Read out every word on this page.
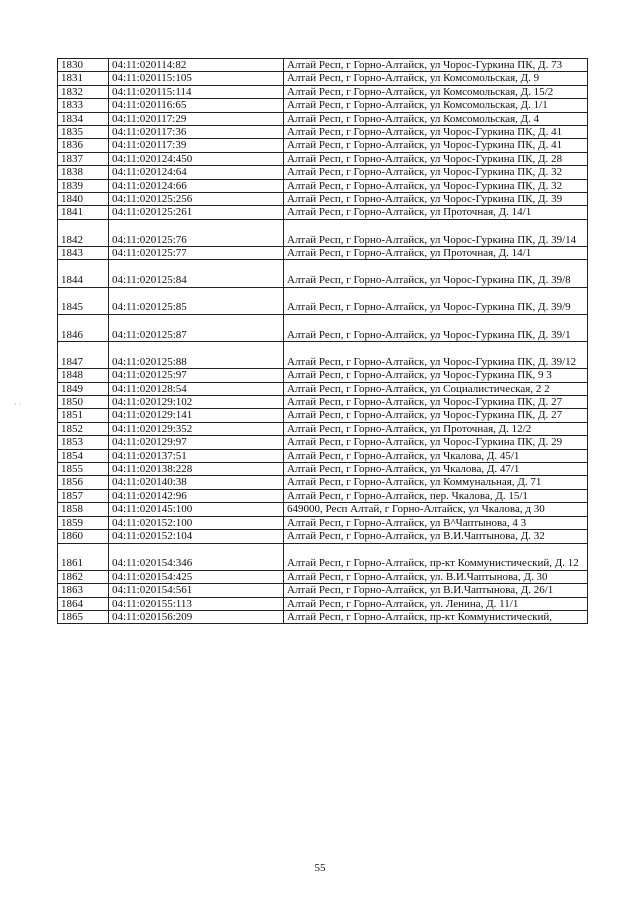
· ·
1830	04:11:020114:82	Алтай Респ, г Горно-Алтайск, ул Чорос-Гуркина ПК, Д. 73
1831	04:11:020115:105	Алтай Респ, г Горно-Алтайск, ул Комсомольская, Д. 9
1832	04:11:020115:114	Алтай Респ, г Горно-Алтайск, ул Комсомольская, Д. 15/2
1833	04:11:020116:65	Алтай Респ, г Горно-Алтайск, ул Комсомольская, Д. 1/1
1834	04:11:020117:29	Алтай Респ, г Горно-Алтайск, ул Комсомольская, Д. 4
1835	04:11:020117:36	Алтай Респ, г Горно-Алтайск, ул Чорос-Гуркина ПК, Д. 41
1836	04:11:020117:39	Алтай Респ, г Горно-Алтайск, ул Чорос-Гуркина ПК, Д. 41
1837	04:11:020124:450	Алтай Респ, г Горно-Алтайск, ул Чорос-Гуркина ПК, Д. 28
1838	04:11:020124:64	Алтай Респ, г Горно-Алтайск, ул Чорос-Гуркина ПК, Д. 32
1839	04:11:020124:66	Алтай Респ, г Горно-Алтайск, ул Чорос-Гуркина ПК, Д. 32
1840	04:11:020125:256	Алтай Респ, г Горно-Алтайск, ул Чорос-Гуркина ПК, Д. 39
1841	04:11:020125:261	Алтай Респ, г Горно-Алтайск, ул Проточная, Д. 14/1
1842	04:11:020125:76	Алтай Респ, г Горно-Алтайск, ул Чорос-Гуркина ПК, Д. 39/14
1843	04:11:020125:77	Алтай Респ, г Горно-Алтайск, ул Проточная, Д. 14/1
1844	04:11:020125:84	Алтай Респ, г Горно-Алтайск, ул Чорос-Гуркина ПК, Д. 39/8
1845	04:11:020125:85	Алтай Респ, г Горно-Алтайск, ул Чорос-Гуркина ПК, Д. 39/9
1846	04:11:020125:87	Алтай Респ, г Горно-Алтайск, ул Чорос-Гуркина ПК, Д. 39/1
1847	04:11:020125:88	Алтай Респ, г Горно-Алтайск, ул Чорос-Гуркина ПК, Д. 39/12
1848	04:11:020125:97	Алтай Респ, г Горно-Алтайск, ул Чорос-Гуркина ПК, 9 3
1849	04:11:020128:54	Алтай Респ, г Горно-Алтайск, ул Социалистическая, 2 2
1850	04:11:020129:102	Алтай Респ, г Горно-Алтайск, ул Чорос-Гуркина ПК, Д. 27
1851	04:11:020129:141	Алтай Респ, г Горно-Алтайск, ул Чорос-Гуркина ПК, Д. 27
1852	04:11:020129:352	Алтай Респ, г Горно-Алтайск, ул Проточная, Д. 12/2
1853	04:11:020129:97	Алтай Респ, г Горно-Алтайск, ул Чорос-Гуркина ПК, Д. 29
1854	04:11:020137:51	Алтай Респ, г Горно-Алтайск, ул Чкалова, Д. 45/1
1855	04:11:020138:228	Алтай Респ, г Горно-Алтайск, ул Чкалова, Д. 47/1
1856	04:11:020140:38	Алтай Респ, г Горно-Алтайск, ул Коммунальная, Д. 71
1857	04:11:020142:96	Алтай Респ, г Горно-Алтайск, пер. Чкалова, Д. 15/1
1858	04:11:020145:100	649000, Респ Алтай, г Горно-Алтайск, ул Чкалова, д 30
1859	04:11:020152:100	Алтай Респ, г Горно-Алтайск, ул В^Чаптынова, 4 3
1860	04:11:020152:104	Алтай Респ, г Горно-Алтайск, ул В.И.Чаптынова, Д. 32
1861	04:11:020154:346	Алтай Респ, г Горно-Алтайск, пр-кт Коммунистический, Д. 12
1862	04:11:020154:425	Алтай Респ, г Горно-Алтайск, ул. В.И.Чаптынова, Д. 30
1863	04:11:020154:561	Алтай Респ, г Горно-Алтайск, ул В.И.Чаптынова, Д. 26/1
1864	04:11:020155:113	Алтай Респ, г Горно-Алтайск, ул. Ленина, Д. 11/1
1865	04:11:020156:209	Алтай Респ, г Горно-Алтайск, пр-кт Коммунистический,
55
